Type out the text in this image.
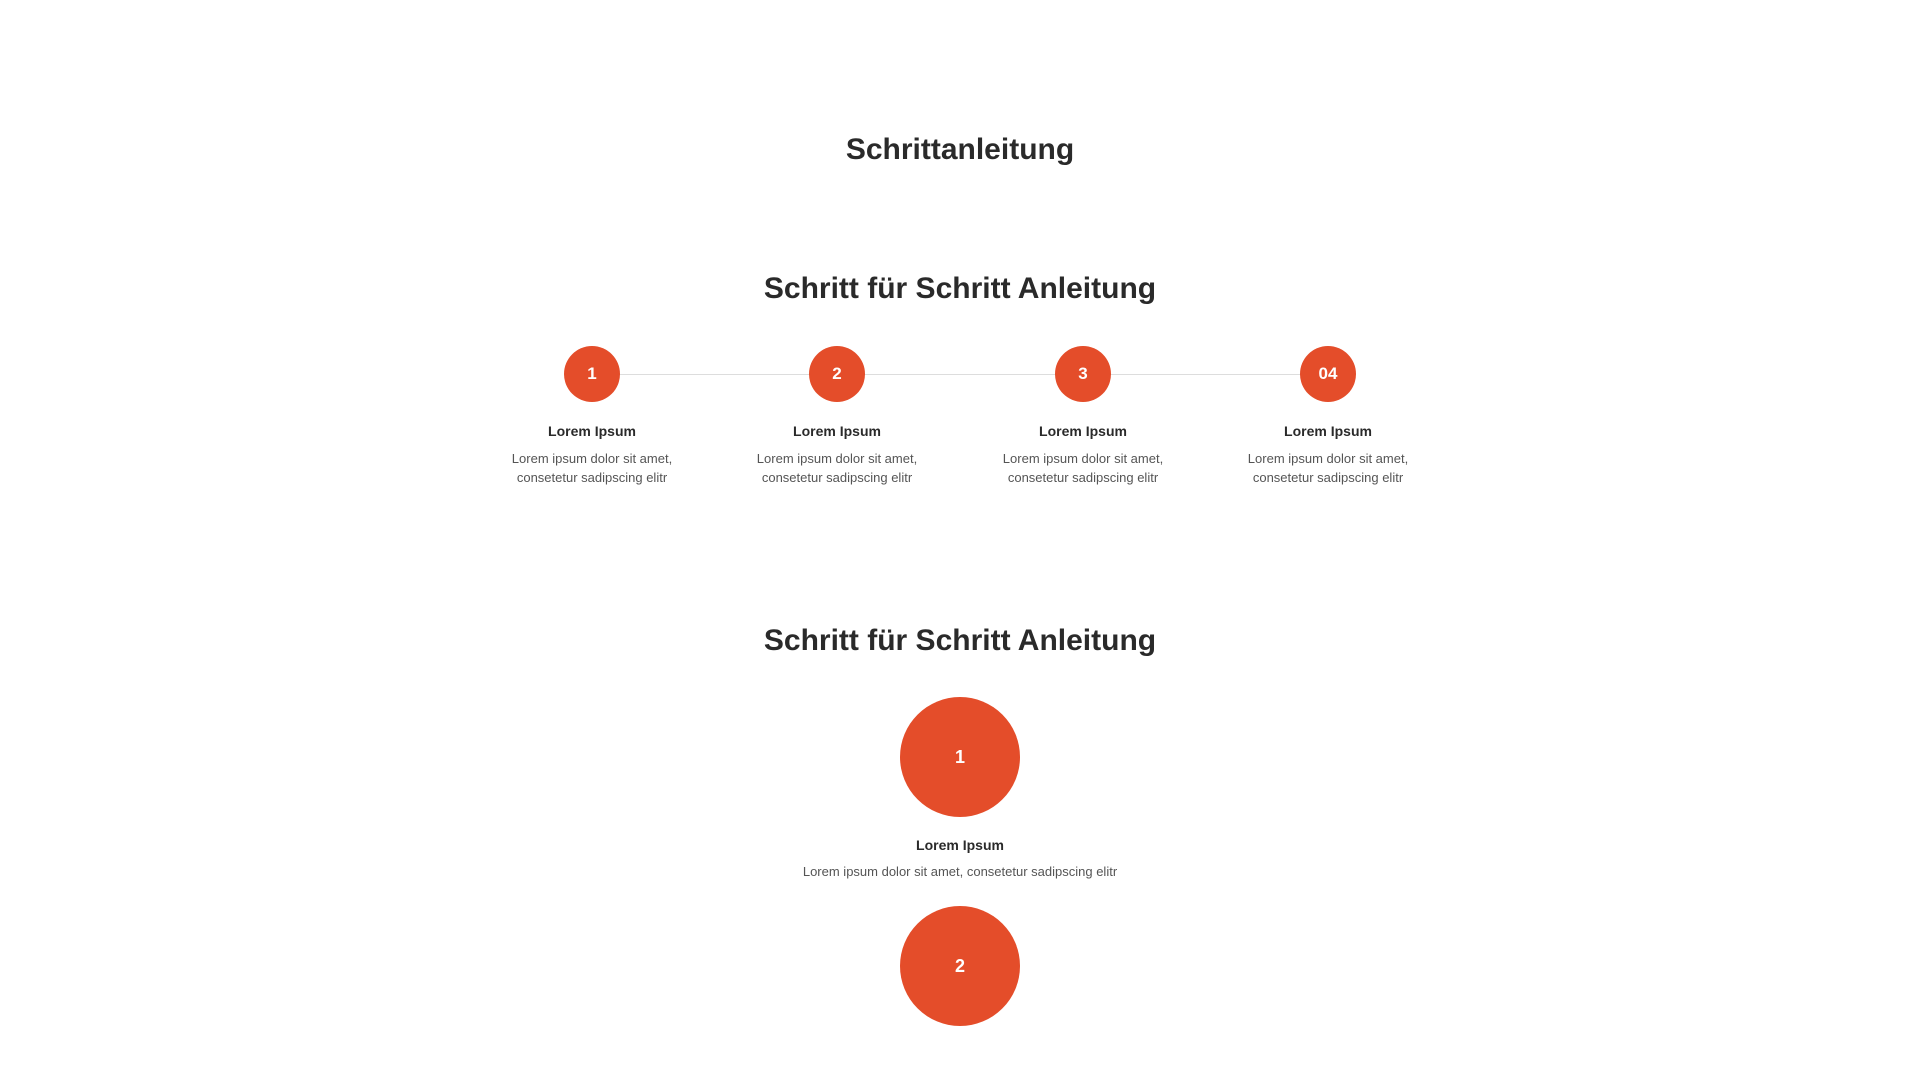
Schrittanleitung
Schritt für Schritt Anleitung
1
Lorem Ipsum
Lorem ipsum dolor sit amet, consetetur sadipscing elitr
2
Lorem Ipsum
Lorem ipsum dolor sit amet, consetetur sadipscing elitr
3
Lorem Ipsum
Lorem ipsum dolor sit amet, consetetur sadipscing elitr
04
Lorem Ipsum
Lorem ipsum dolor sit amet, consetetur sadipscing elitr
Schritt für Schritt Anleitung
1
Lorem Ipsum
Lorem ipsum dolor sit amet, consetetur sadipscing elitr
2
